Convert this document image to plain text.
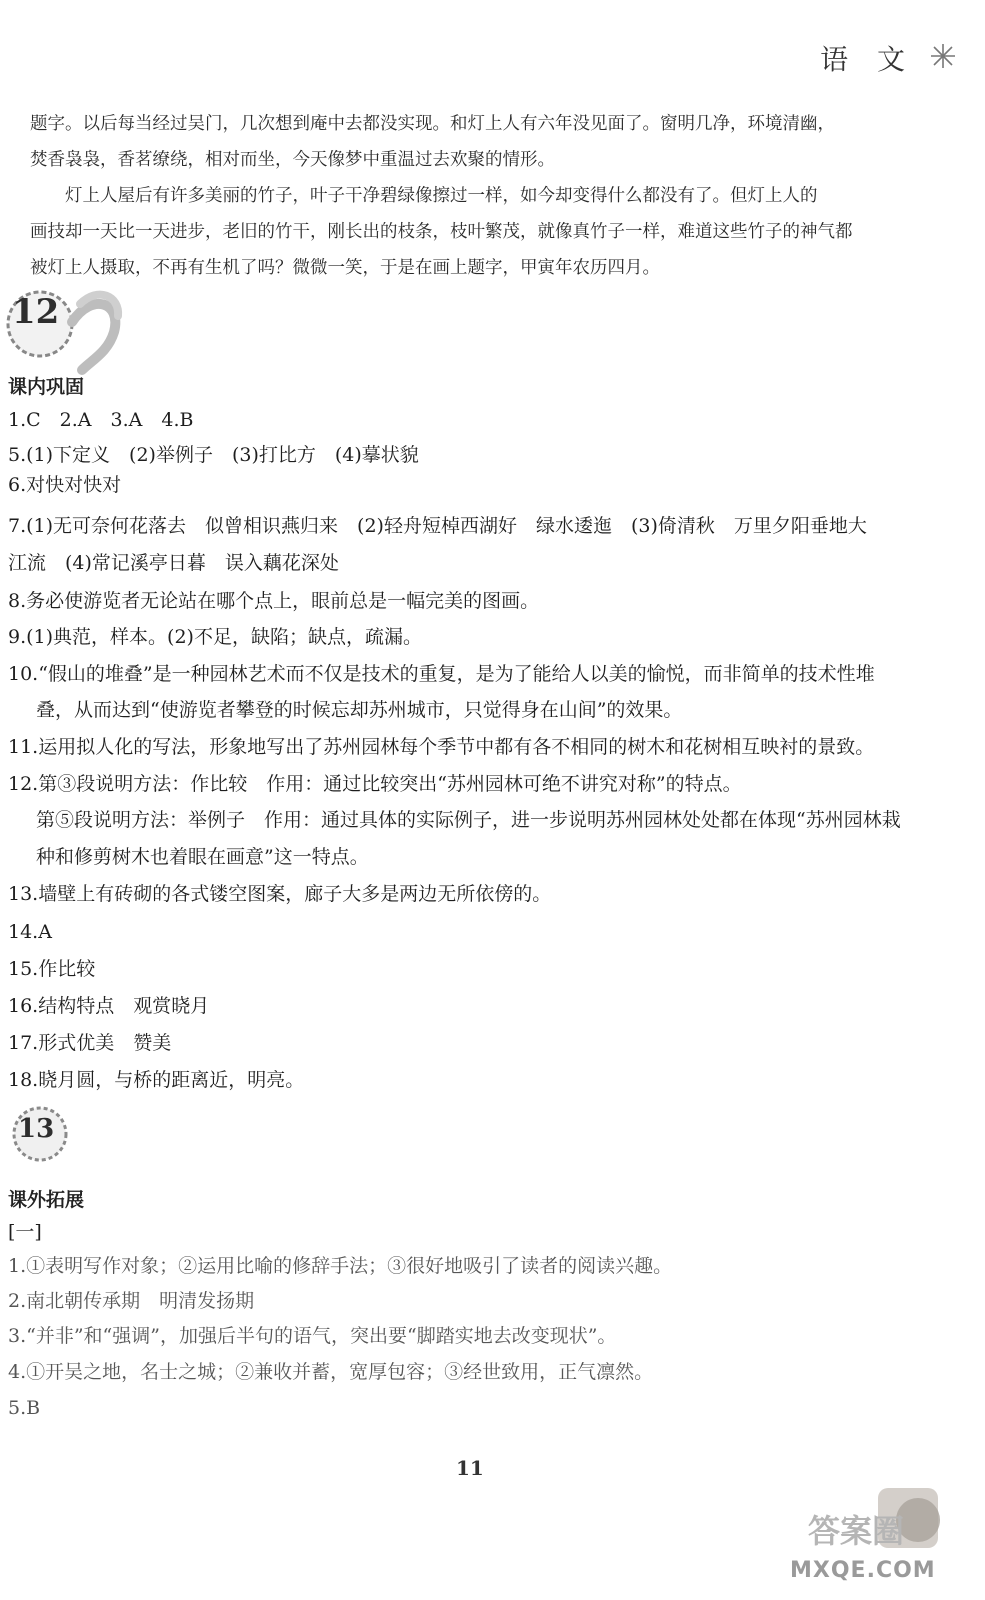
语 文
题字。以后每当经过吴门，几次想到庵中去都没实现。和灯上人有六年没见面了。窗明几净，环境清幽，
焚香袅袅，香茗缭绕，相对而坐，今天像梦中重温过去欢聚的情形。
　　灯上人屋后有许多美丽的竹子，叶子干净碧绿像擦过一样，如今却变得什么都没有了。但灯上人的
画技却一天比一天进步，老旧的竹干，刚长出的枝条，枝叶繁茂，就像真竹子一样，难道这些竹子的神气都
被灯上人摄取，不再有生机了吗？微微一笑，于是在画上题字，甲寅年农历四月。
12
课内巩固
1.C　2.A　3.A　4.B
5.(1)下定义　(2)举例子　(3)打比方　(4)摹状貌
6.对快对快对
7.(1)无可奈何花落去　似曾相识燕归来　(2)轻舟短棹西湖好　绿水逶迤　(3)倚清秋　万里夕阳垂地大
江流　(4)常记溪亭日暮　误入藕花深处
8.务必使游览者无论站在哪个点上，眼前总是一幅完美的图画。
9.(1)典范，样本。(2)不足，缺陷；缺点，疏漏。
10.“假山的堆叠”是一种园林艺术而不仅是技术的重复，是为了能给人以美的愉悦，而非简单的技术性堆
叠，从而达到“使游览者攀登的时候忘却苏州城市，只觉得身在山间”的效果。
11.运用拟人化的写法，形象地写出了苏州园林每个季节中都有各不相同的树木和花树相互映衬的景致。
12.第③段说明方法：作比较　作用：通过比较突出“苏州园林可绝不讲究对称”的特点。
第⑤段说明方法：举例子　作用：通过具体的实际例子，进一步说明苏州园林处处都在体现“苏州园林栽
种和修剪树木也着眼在画意”这一特点。
13.墙壁上有砖砌的各式镂空图案，廊子大多是两边无所依傍的。
14.A
15.作比较
16.结构特点　观赏晓月
17.形式优美　赞美
18.晓月圆，与桥的距离近，明亮。
13
课外拓展
[一]
1.①表明写作对象；②运用比喻的修辞手法；③很好地吸引了读者的阅读兴趣。
2.南北朝传承期　明清发扬期
3.“并非”和“强调”，加强后半句的语气，突出要“脚踏实地去改变现状”。
4.①开吴之地，名士之城；②兼收并蓄，宽厚包容；③经世致用，正气凛然。
5.B
11
答案圈
MXQE.COM
